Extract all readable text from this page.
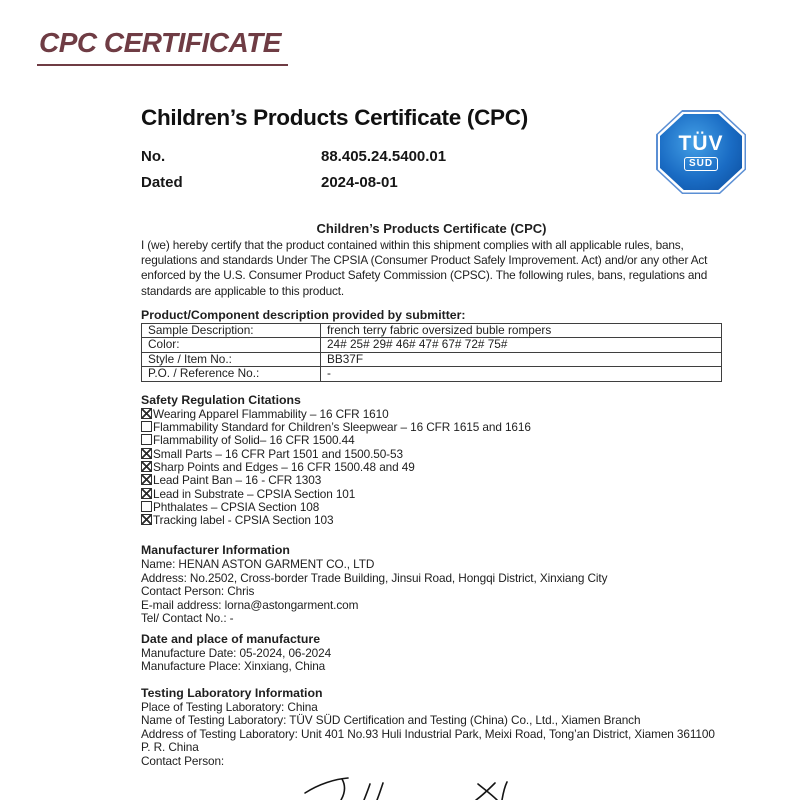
CPC CERTIFICATE
TÜV
SÜD
Children’s Products Certificate (CPC)
No.	88.405.24.5400.01
Dated	2024-08-01
Children’s Products Certificate (CPC)
I (we) hereby certify that the product contained within this shipment complies with all applicable rules, bans,
regulations and standards Under The CPSIA (Consumer Product Safely Improvement. Act) and/or any other Act
enforced by the U.S. Consumer Product Safety Commission (CPSC). The following rules, bans, regulations and
standards are applicable to this product.
Product/Component description provided by submitter:
Sample Description:	french terry fabric oversized buble rompers
Color:	24# 25# 29# 46# 47# 67# 72# 75#
Style / Item No.:	BB37F
P.O. / Reference No.:	-
Safety Regulation Citations
Wearing Apparel Flammability – 16 CFR 1610
Flammability Standard for Children’s Sleepwear – 16 CFR 1615 and 1616
Flammability of Solid– 16 CFR 1500.44
Small Parts – 16 CFR Part 1501 and 1500.50-53
Sharp Points and Edges – 16 CFR 1500.48 and 49
Lead Paint Ban – 16 - CFR 1303
Lead in Substrate – CPSIA Section 101
Phthalates – CPSIA Section 108
Tracking label - CPSIA Section 103
Manufacturer Information
Name: HENAN ASTON GARMENT CO., LTD
Address: No.2502, Cross-border Trade Building, Jinsui Road, Hongqi District, Xinxiang City
Contact Person: Chris
E-mail address: lorna@astongarment.com
Tel/ Contact No.: -
Date and place of manufacture
Manufacture Date: 05-2024, 06-2024
Manufacture Place: Xinxiang, China
Testing Laboratory Information
Place of Testing Laboratory: China
Name of Testing Laboratory: TÜV SÜD Certification and Testing (China) Co., Ltd., Xiamen Branch
Address of Testing Laboratory: Unit 401 No.93 Huli Industrial Park, Meixi Road, Tong’an District, Xiamen 361100
P. R. China
Contact Person:
